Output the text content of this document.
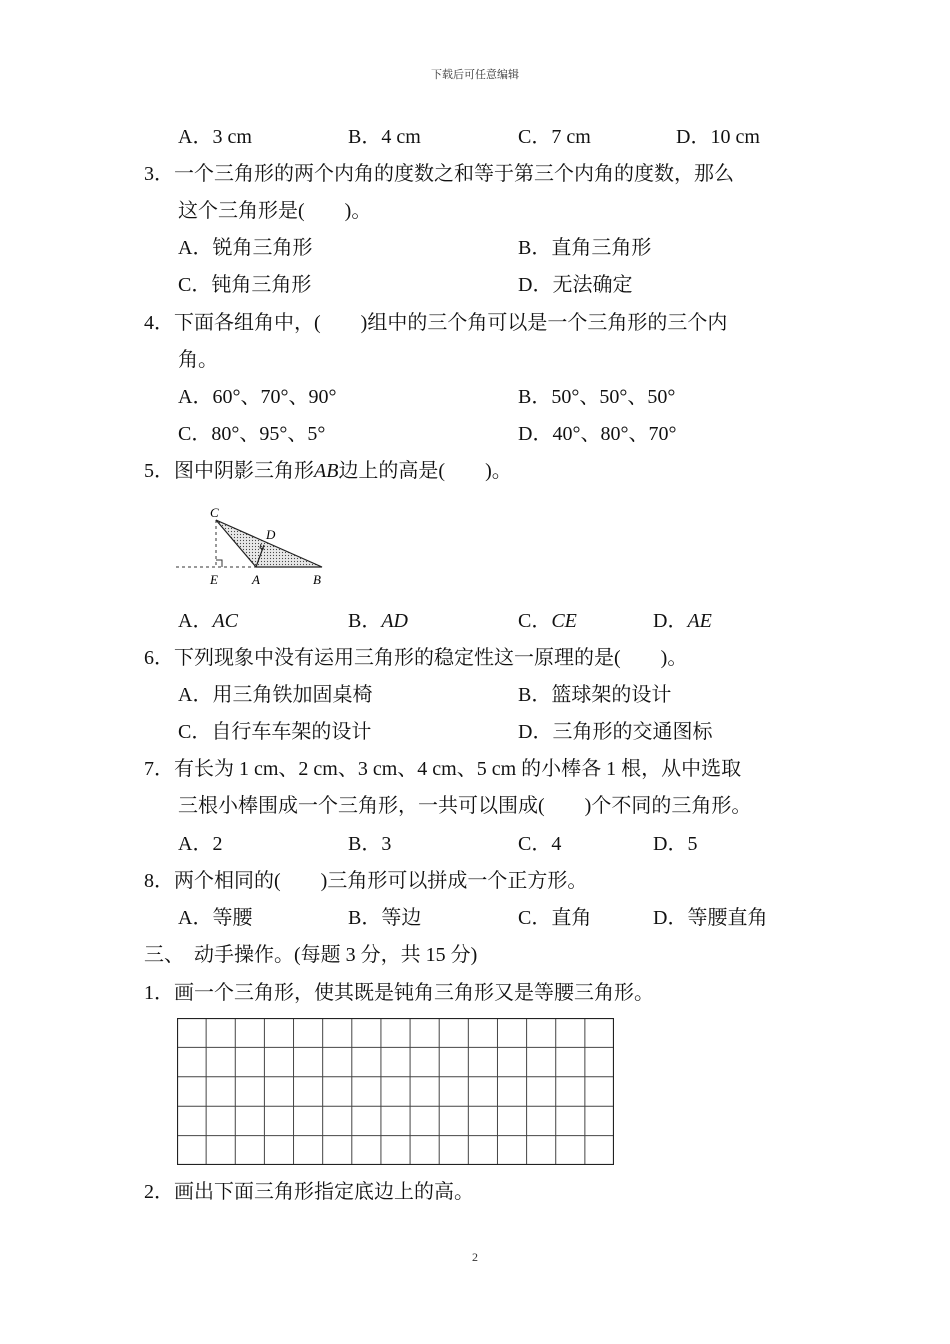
下载后可任意编辑
A．3 cm	B．4 cm	C．7 cm	D．10 cm
3．一个三角形的两个内角的度数之和等于第三个内角的度数，那么
这个三角形是(　　)。
A．锐角三角形	B．直角三角形
C．钝角三角形	D．无法确定
4．下面各组角中，(　　)组中的三个角可以是一个三角形的三个内
角。
A．60°、70°、90°	B．50°、50°、50°
C．80°、95°、5°	D．40°、80°、70°
5．图中阴影三角形AB边上的高是(　　)。
C
D
E	A	B
A．AC	B．AD	C．CE	D．AE
6．下列现象中没有运用三角形的稳定性这一原理的是(　　)。
A．用三角铁加固桌椅	B．篮球架的设计
C．自行车车架的设计	D．三角形的交通图标
7．有长为 1 cm、2 cm、3 cm、4 cm、5 cm 的小棒各 1 根，从中选取
三根小棒围成一个三角形，一共可以围成(　　)个不同的三角形。
A．2	B．3	C．4	D．5
8．两个相同的(　　)三角形可以拼成一个正方形。
A．等腰	B．等边	C．直角	D．等腰直角
三、　动手操作。(每题 3 分，共 15 分)
1．画一个三角形，使其既是钝角三角形又是等腰三角形。
2．画出下面三角形指定底边上的高。
2
